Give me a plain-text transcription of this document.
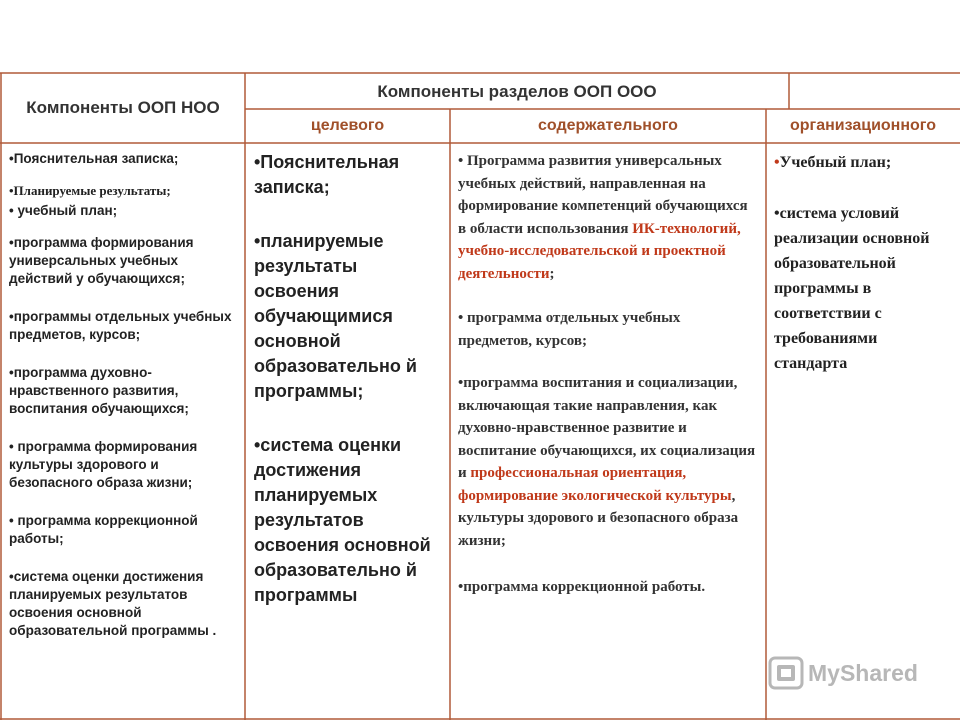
Компоненты ООП НОО
Компоненты разделов ООП ООО
целевого	содержательного	организационного

•Пояснительная записка;

•Планируемые результаты;

• учебный план;

•программа формирования универсальных учебных действий у обучающихся;

•программы отдельных учебных предметов, курсов;

•программа духовно-нравственного развития, воспитания обучающихся;

• программа формирования культуры здорового и безопасного образа жизни;

• программа коррекционной работы;

•система оценки достижения планируемых результатов освоения основной образовательной программы .

•Пояснительная записка;

•планируемые результаты освоения обучающимися основной образовательно й программы;

•система оценки достижения планируемых результатов освоения основной образовательно й программы

• Программа развития универсальных учебных действий, направленная на формирование компетенций обучающихся в области использования ИК-технологий, учебно-исследовательской и проектной деятельности;

• программа отдельных учебных предметов, курсов;

•программа воспитания и социализации, включающая такие направления, как духовно-нравственное развитие и воспитание обучающихся, их социализация и профессиональная ориентация, формирование экологической культуры, культуры здорового и безопасного образа жизни;

•программа коррекционной работы.

•Учебный план;

•система условий реализации основной образовательной программы в соответствии с требованиями стандарта

MyShared
